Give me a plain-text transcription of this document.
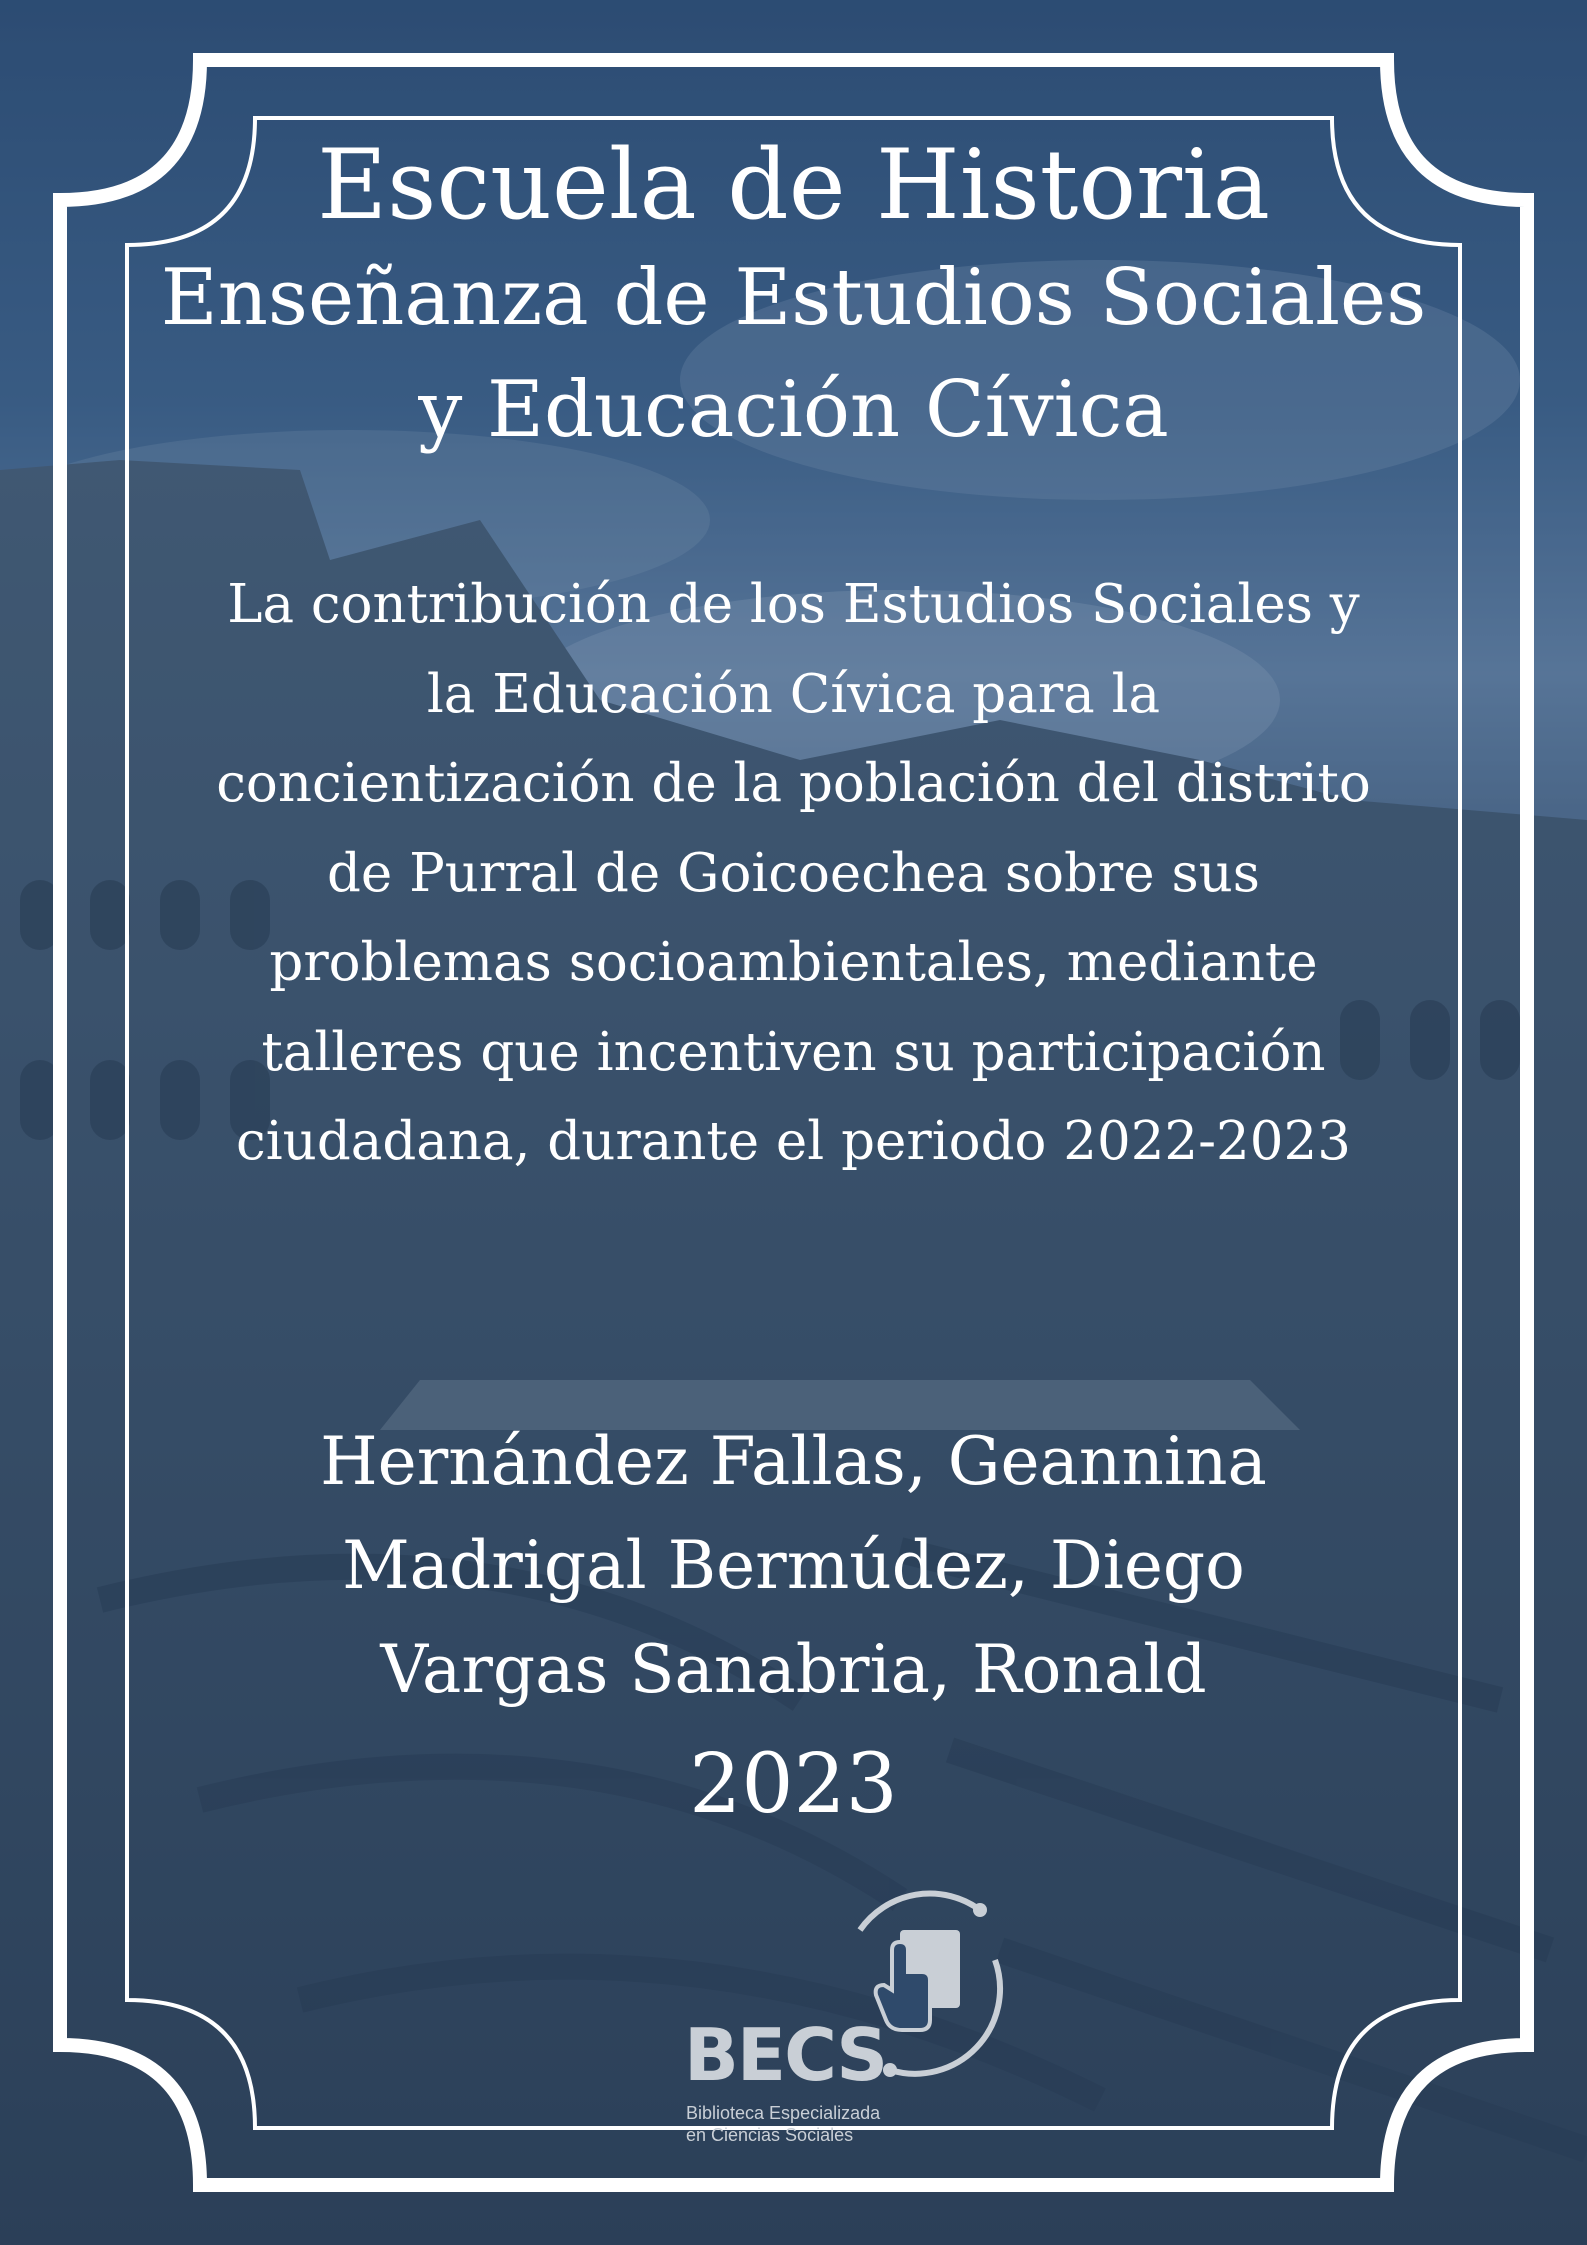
Escuela de Historia
Enseñanza de Estudios Sociales
y Educación Cívica
La contribución de los Estudios Sociales y
la Educación Cívica para la
concientización de la población del distrito
de Purral de Goicoechea sobre sus
problemas socioambientales, mediante
talleres que incentiven su participación
ciudadana, durante el periodo 2022-2023
Hernández Fallas, Geannina
Madrigal Bermúdez, Diego
Vargas Sanabria, Ronald
2023
BECS
Biblioteca Especializada
en Ciencias Sociales
